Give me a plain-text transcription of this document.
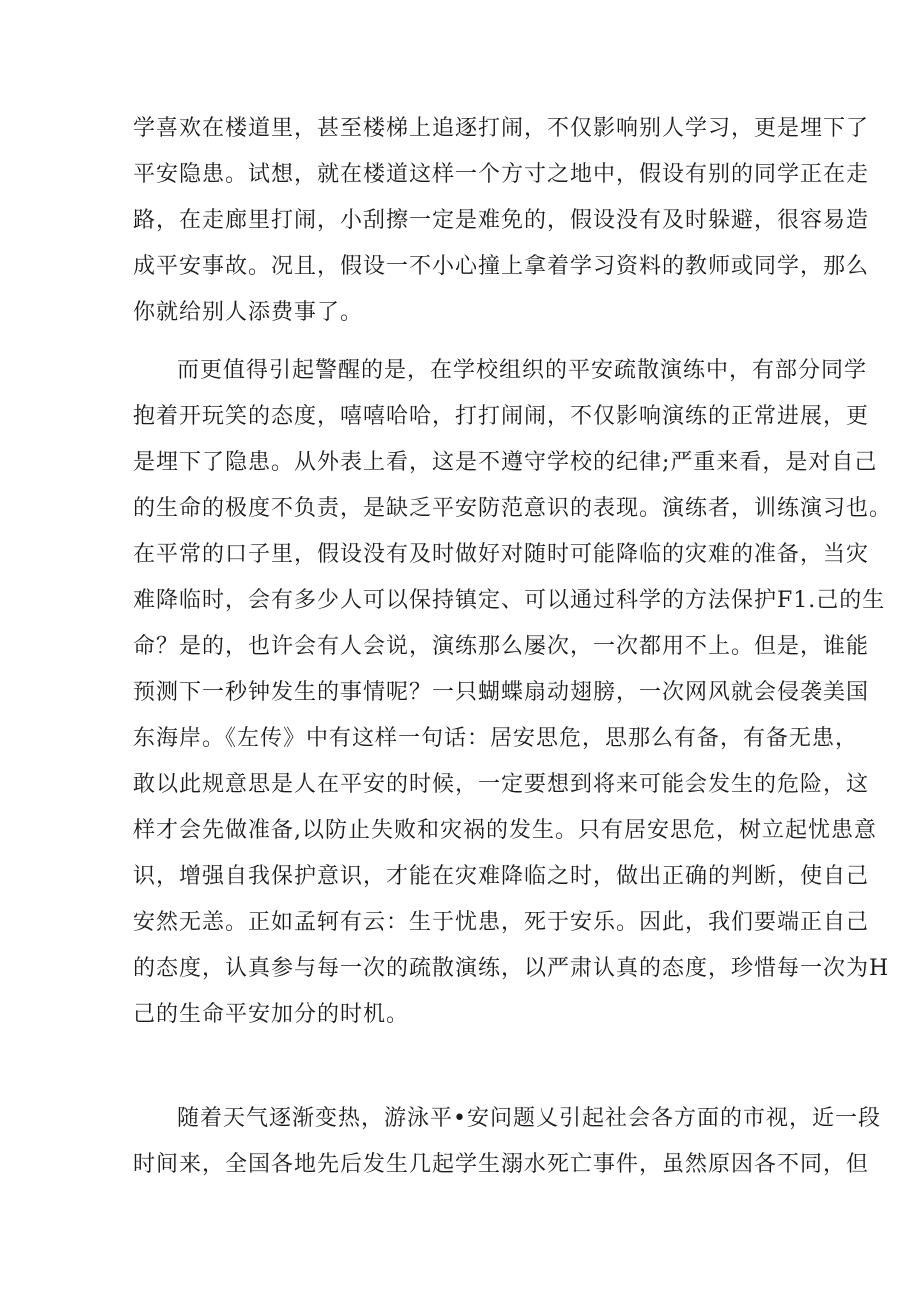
学喜欢在楼道里，甚至楼梯上追逐打闹，不仅影响别人学习，更是埋下了
平安隐患。试想，就在楼道这样一个方寸之地中，假设有别的同学正在走
路，在走廊里打闹，小刮擦一定是难免的，假设没有及时躲避，很容易造
成平安事故。况且，假设一不小心撞上拿着学习资料的教师或同学，那么
你就给别人添费事了。
而更值得引起警醒的是，在学校组织的平安疏散演练中，有部分同学
抱着开玩笑的态度，嘻嘻哈哈，打打闹闹，不仅影响演练的正常进展，更
是埋下了隐患。从外表上看，这是不遵守学校的纪律;严重来看，是对自己
的生命的极度不负责，是缺乏平安防范意识的表现。演练者，训练演习也。
在平常的口子里，假设没有及时做好对随时可能降临的灾难的准备，当灾
难降临时，会有多少人可以保持镇定、可以通过科学的方法保护F1.己的生
命？是的，也许会有人会说，演练那么屡次，一次都用不上。但是，谁能
预测下一秒钟发生的事情呢？一只蝴蝶扇动翅膀，一次网风就会侵袭美国
东海岸。《左传》中有这样一句话：居安思危，思那么有备，有备无患，
敢以此规意思是人在平安的时候，一定要想到将来可能会发生的危险，这
样才会先做准备,以防止失败和灾祸的发生。只有居安思危，树立起忧患意
识，增强自我保护意识，才能在灾难降临之时，做出正确的判断，使自己
安然无恙。正如孟轲有云：生于忧患，死于安乐。因此，我们要端正自己
的态度，认真参与每一次的疏散演练，以严肃认真的态度，珍惜每一次为H
己的生命平安加分的时机。
随着天气逐渐变热，游泳平•安问题乂引起社会各方面的市视，近一段
时间来，全国各地先后发生几起学生溺水死亡事件，虽然原因各不同，但
